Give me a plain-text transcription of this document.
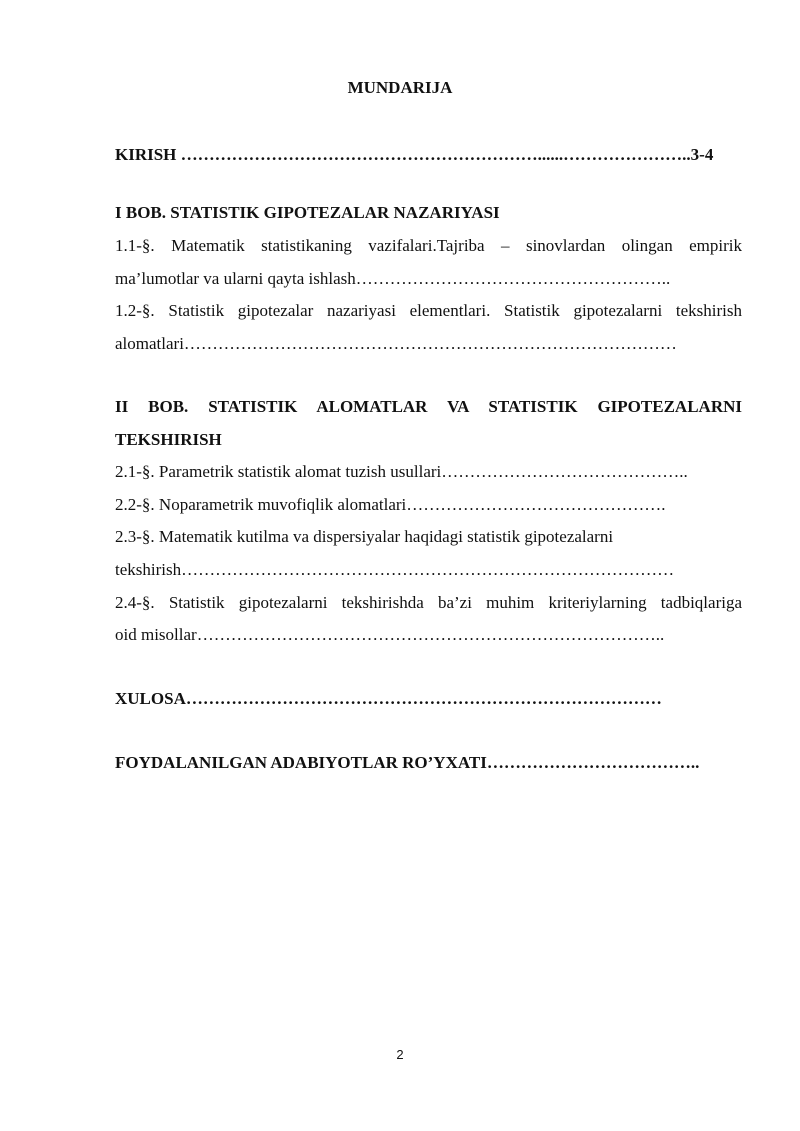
MUNDARIJA
KIRISH ………………………………………………………......…………………..3-4
I BOB. STATISTIK GIPOTEZALAR NAZARIYASI
1.1-§. Matematik statistikaning vazifalari.Tajriba – sinovlardan olingan empirik
ma’lumotlar va ularni qayta ishlash………………………………………………..
1.2-§. Statistik gipotezalar nazariyasi elementlari. Statistik gipotezalarni tekshirish
alomatlari……………………………………………………………………………
II BOB. STATISTIK ALOMATLAR VA STATISTIK GIPOTEZALARNI
TEKSHIRISH
2.1-§. Parametrik statistik alomat tuzish usullari……………………………………..
2.2-§. Noparametrik muvofiqlik alomatlari……………………………………….
2.3-§. Matematik kutilma va dispersiyalar haqidagi statistik gipotezalarni
tekshirish……………………………………………………………………………
2.4-§. Statistik gipotezalarni tekshirishda ba’zi muhim kriteriylarning tadbiqlariga
oid misollar………………………………………………………………………..
XULOSA…………………………………………………………………………
FOYDALANILGAN ADABIYOTLAR RO’YXATI………………………………..
2
